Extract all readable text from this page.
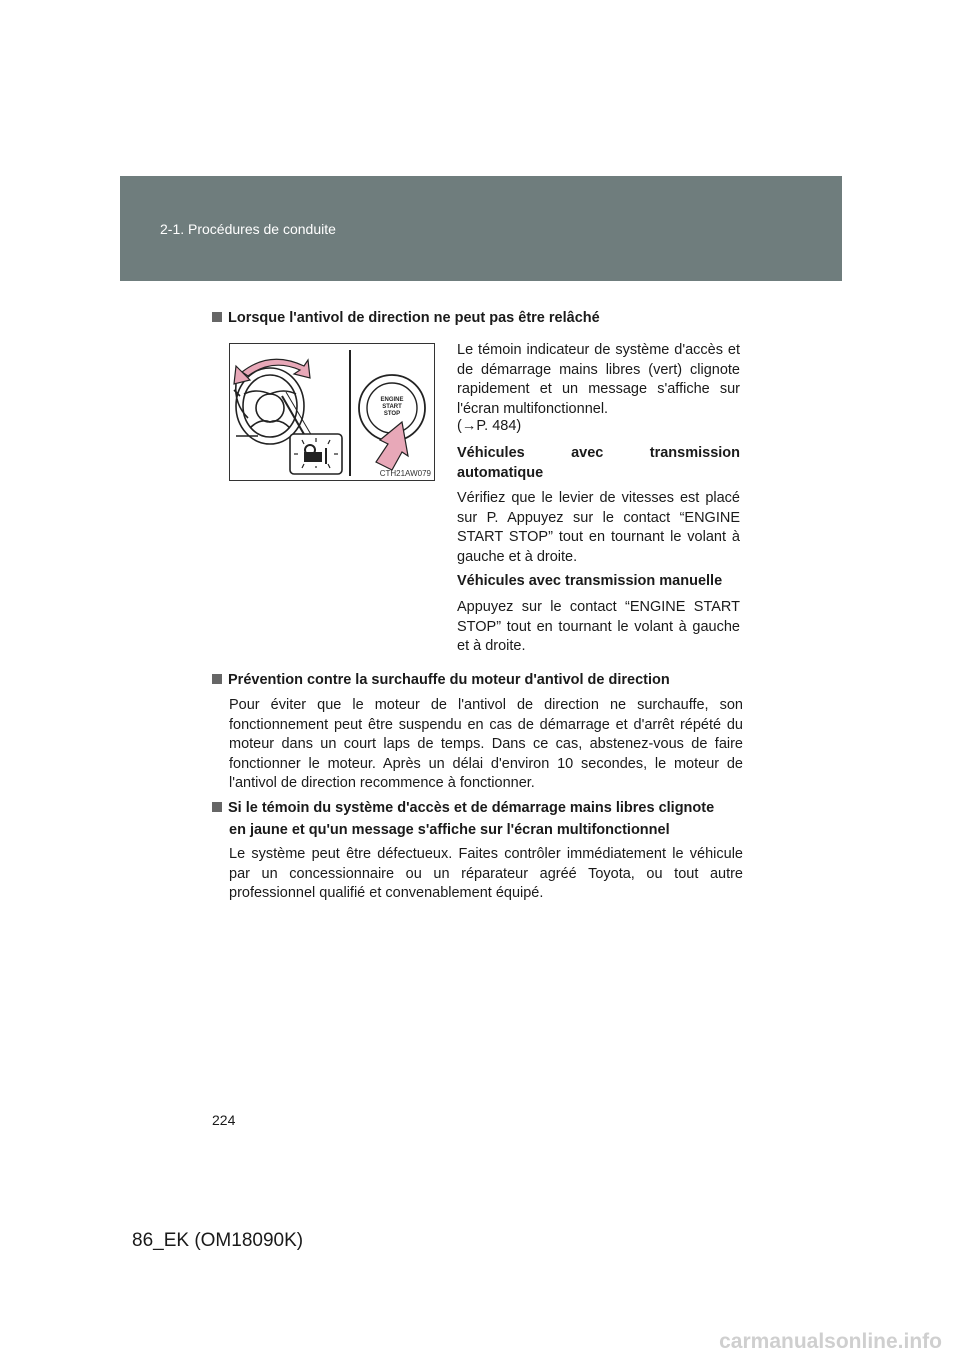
2-1. Procédures de conduite
Lorsque l'antivol de direction ne peut pas être relâché
ENGINE
START
STOP
CTH21AW079
Le témoin indicateur de système d'accès et de démarrage mains libres (vert) clignote rapidement et un message s'affiche sur l'écran multifonctionnel.
(→P. 484)
Véhicules	avec	transmission
automatique
Vérifiez que le levier de vitesses est placé sur P. Appuyez sur le contact “ENGINE START STOP” tout en tournant le volant à gauche et à droite.
Véhicules avec transmission manuelle
Appuyez sur le contact “ENGINE START STOP” tout en tournant le volant à gauche et à droite.
Prévention contre la surchauffe du moteur d'antivol de direction
Pour éviter que le moteur de l'antivol de direction ne surchauffe, son fonctionnement peut être suspendu en cas de démarrage et d'arrêt répété du moteur dans un court laps de temps. Dans ce cas, abstenez-vous de faire fonctionner le moteur. Après un délai d'environ 10 secondes, le moteur de l'antivol de direction recommence à fonctionner.
Si le témoin du système d'accès et de démarrage mains libres clignote
en jaune et qu'un message s'affiche sur l'écran multifonctionnel
Le système peut être défectueux. Faites contrôler immédiatement le véhicule par un concessionnaire ou un réparateur agréé Toyota, ou tout autre professionnel qualifié et convenablement équipé.
224
86_EK (OM18090K)
carmanualsonline.info
